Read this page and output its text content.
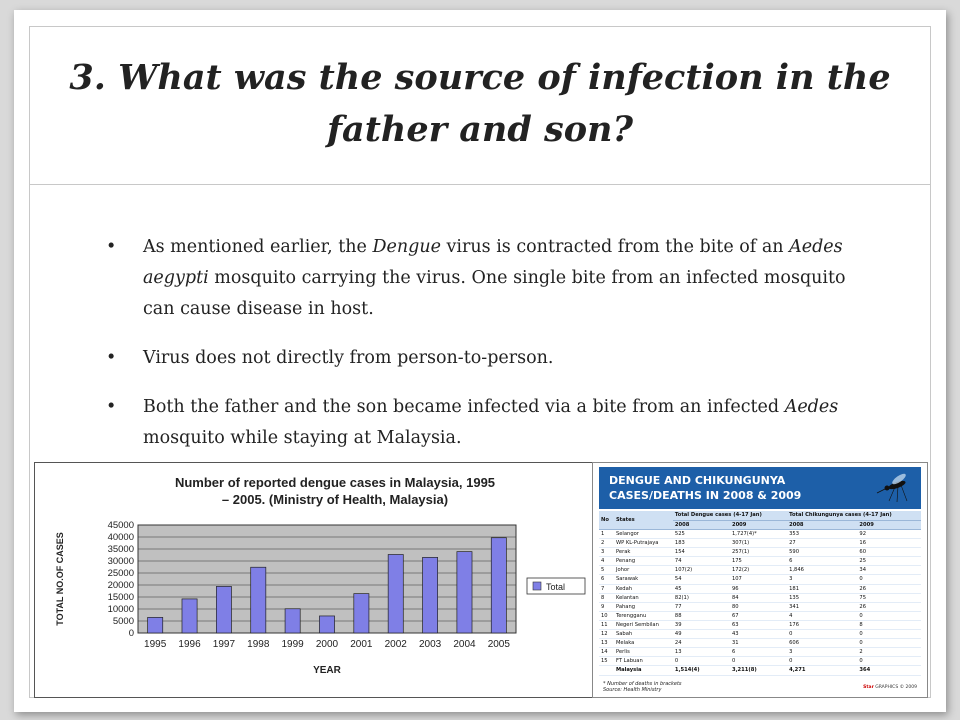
3. What was the source of infection in the
father and son?
• As mentioned earlier, the Dengue virus is contracted from the bite of an Aedes aegypti mosquito carrying the virus. One single bite from an infected mosquito can cause disease in host.
• Virus does not directly from person-to-person.
• Both the father and the son became infected via a bite from an infected Aedes mosquito while staying at Malaysia.
Number of reported dengue cases in Malaysia, 1995
– 2005. (Ministry of Health, Malaysia)
0
5000
10000
15000
20000
25000
30000
35000
40000
45000
1995 1996 1997 1998 1999 2000 2001 2002 2003 2004 2005
TOTAL NO.OF CASES
YEAR
Total
DENGUE AND CHIKUNGUNYA
CASES/DEATHS IN 2008 & 2009
No	States	Total Dengue cases (4-17 Jan)		Total Chikungunya cases (4-17 Jan)	
		2008	2009	2008	2009
1	Selangor	525	1,727(4)*	353	92
2	WP KL-Putrajaya	183	307(1)	27	16
3	Perak	154	257(1)	590	60
4	Penang	74	175	6	25
5	Johor	107(2)	172(2)	1,846	34
6	Sarawak	54	107	3	0
7	Kedah	45	96	181	26
8	Kelantan	82(1)	84	135	75
9	Pahang	77	80	341	26
10	Terengganu	88	67	4	0
11	Negeri Sembilan	39	63	176	8
12	Sabah	49	43	0	0
13	Melaka	24	31	606	0
14	Perlis	13	6	3	2
15	FT Labuan	0	0	0	0
	Malaysia	1,514(4)	3,211(8)	4,271	364
* Number of deaths in brackets
Source: Health Ministry	Star GRAPHICS © 2009
